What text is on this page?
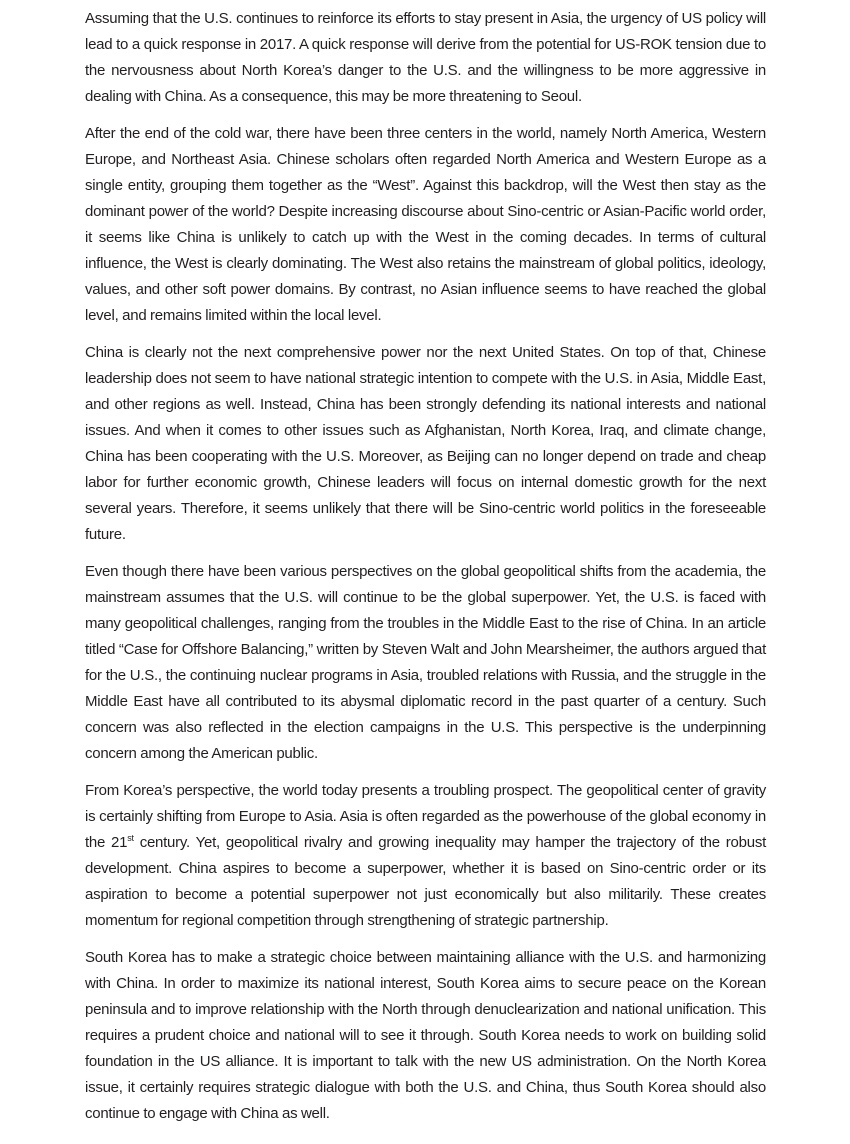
Assuming that the U.S. continues to reinforce its efforts to stay present in Asia, the urgency of US policy will lead to a quick response in 2017. A quick response will derive from the potential for US-ROK tension due to the nervousness about North Korea’s danger to the U.S. and the willingness to be more aggressive in dealing with China. As a consequence, this may be more threatening to Seoul.

After the end of the cold war, there have been three centers in the world, namely North America, Western Europe, and Northeast Asia. Chinese scholars often regarded North America and Western Europe as a single entity, grouping them together as the “West”. Against this backdrop, will the West then stay as the dominant power of the world? Despite increasing discourse about Sino-centric or Asian-Pacific world order, it seems like China is unlikely to catch up with the West in the coming decades. In terms of cultural influence, the West is clearly dominating. The West also retains the mainstream of global politics, ideology, values, and other soft power domains. By contrast, no Asian influence seems to have reached the global level, and remains limited within the local level.

China is clearly not the next comprehensive power nor the next United States. On top of that, Chinese leadership does not seem to have national strategic intention to compete with the U.S. in Asia, Middle East, and other regions as well. Instead, China has been strongly defending its national interests and national issues. And when it comes to other issues such as Afghanistan, North Korea, Iraq, and climate change, China has been cooperating with the U.S. Moreover, as Beijing can no longer depend on trade and cheap labor for further economic growth, Chinese leaders will focus on internal domestic growth for the next several years. Therefore, it seems unlikely that there will be Sino-centric world politics in the foreseeable future.

Even though there have been various perspectives on the global geopolitical shifts from the academia, the mainstream assumes that the U.S. will continue to be the global superpower. Yet, the U.S. is faced with many geopolitical challenges, ranging from the troubles in the Middle East to the rise of China. In an article titled “Case for Offshore Balancing,” written by Steven Walt and John Mearsheimer, the authors argued that for the U.S., the continuing nuclear programs in Asia, troubled relations with Russia, and the struggle in the Middle East have all contributed to its abysmal diplomatic record in the past quarter of a century. Such concern was also reflected in the election campaigns in the U.S. This perspective is the underpinning concern among the American public.

From Korea’s perspective, the world today presents a troubling prospect. The geopolitical center of gravity is certainly shifting from Europe to Asia. Asia is often regarded as the powerhouse of the global economy in the 21st century. Yet, geopolitical rivalry and growing inequality may hamper the trajectory of the robust development. China aspires to become a superpower, whether it is based on Sino-centric order or its aspiration to become a potential superpower not just economically but also militarily. These creates momentum for regional competition through strengthening of strategic partnership.

South Korea has to make a strategic choice between maintaining alliance with the U.S. and harmonizing with China. In order to maximize its national interest, South Korea aims to secure peace on the Korean peninsula and to improve relationship with the North through denuclearization and national unification. This requires a prudent choice and national will to see it through. South Korea needs to work on building solid foundation in the US alliance. It is important to talk with the new US administration. On the North Korea issue, it certainly requires strategic dialogue with both the U.S. and China, thus South Korea should also continue to engage with China as well.
